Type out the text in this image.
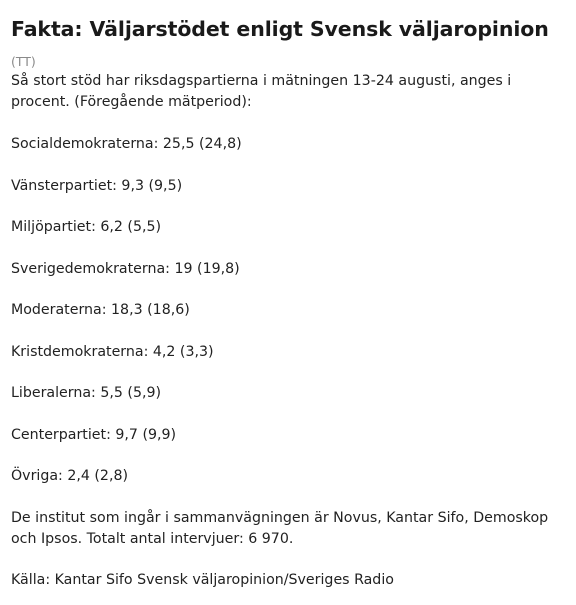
Fakta: Väljarstödet enligt Svensk väljaropinion

(TT)

Så stort stöd har riksdagspartierna i mätningen 13-24 augusti, anges i procent. (Föregående mätperiod):

Socialdemokraterna: 25,5 (24,8)
Vänsterpartiet: 9,3 (9,5)
Miljöpartiet: 6,2 (5,5)
Sverigedemokraterna: 19 (19,8)
Moderaterna: 18,3 (18,6)
Kristdemokraterna: 4,2 (3,3)
Liberalerna: 5,5 (5,9)
Centerpartiet: 9,7 (9,9)
Övriga: 2,4 (2,8)

De institut som ingår i sammanvägningen är Novus, Kantar Sifo, Demoskop och Ipsos. Totalt antal intervjuer: 6 970.

Källa: Kantar Sifo Svensk väljaropinion/Sveriges Radio
